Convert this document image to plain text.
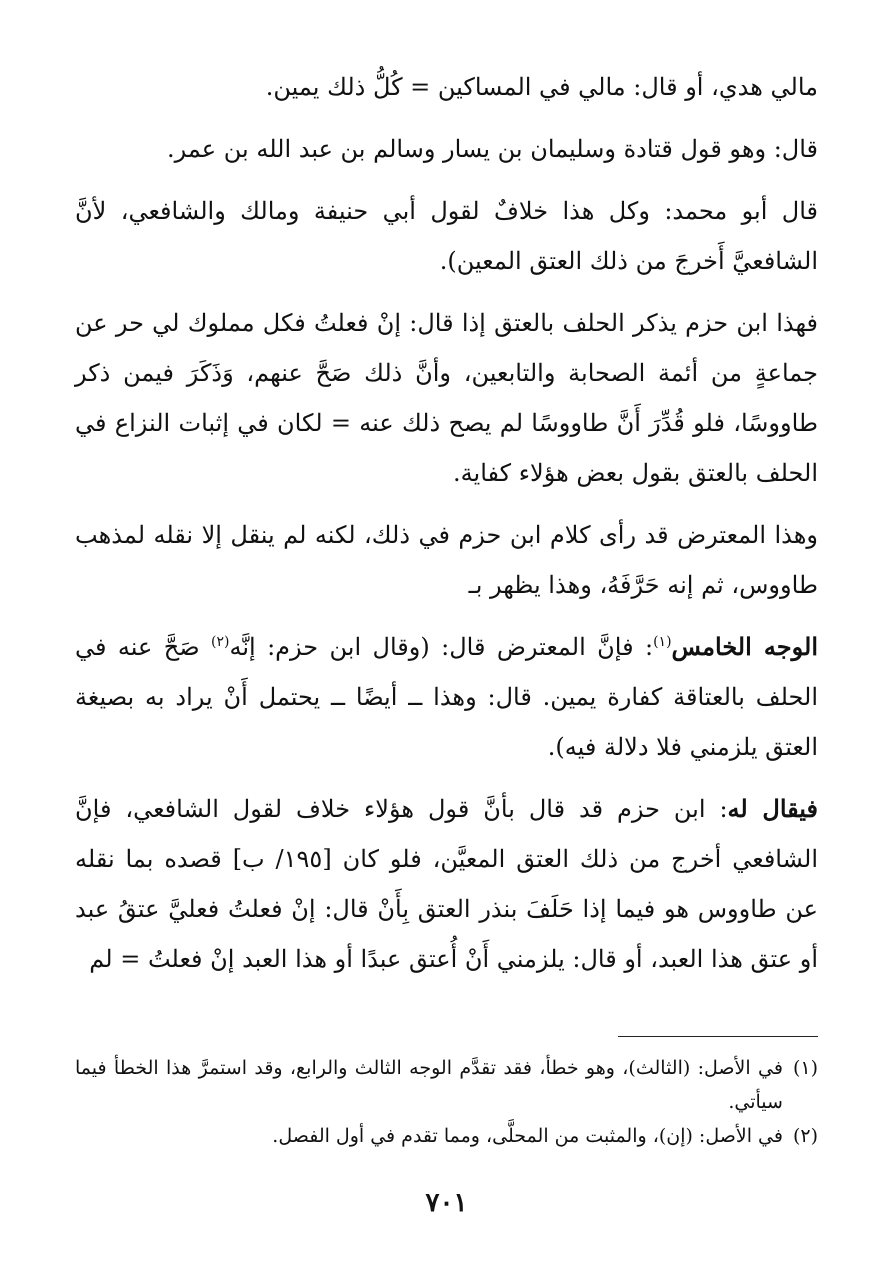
مالي هدي، أو قال: مالي في المساكين = كُلُّ ذلك يمين.

قال: وهو قول قتادة وسليمان بن يسار وسالم بن عبد الله بن عمر.

قال أبو محمد: وكل هذا خلافٌ لقول أبي حنيفة ومالك والشافعي، لأنَّ الشافعيَّ أَخرجَ من ذلك العتق المعين).

فهذا ابن حزم يذكر الحلف بالعتق إذا قال: إنْ فعلتُ فكل مملوك لي حر عن جماعةٍ من أئمة الصحابة والتابعين، وأنَّ ذلك صَحَّ عنهم، وَذَكَرَ فيمن ذكر طاووسًا، فلو قُدِّرَ أَنَّ طاووسًا لم يصح ذلك عنه = لكان في إثبات النزاع في الحلف بالعتق بقول بعض هؤلاء كفاية.

وهذا المعترض قد رأى كلام ابن حزم في ذلك، لكنه لم ينقل إلا نقله لمذهب طاووس، ثم إنه حَرَّفَهُ، وهذا يظهر بـ

الوجه الخامس$^{(١)}$: فإنَّ المعترض قال: (وقال ابن حزم: إنَّه$^{(٢)}$ صَحَّ عنه في الحلف بالعتاقة كفارة يمين. قال: وهذا ــ أيضًا ــ يحتمل أَنْ يراد به بصيغة العتق يلزمني فلا دلالة فيه).

فيقال له: ابن حزم قد قال بأنَّ قول هؤلاء خلاف لقول الشافعي، فإنَّ الشافعي أخرج من ذلك العتق المعيَّن، فلو كان [١٩٥/ ب] قصده بما نقله عن طاووس هو فيما إذا حَلَفَ بنذر العتق بِأَنْ قال: إنْ فعلتُ فعليَّ عتقُ عبد أو عتق هذا العبد، أو قال: يلزمني أَنْ أُعتق عبدًا أو هذا العبد إنْ فعلتُ = لم

(١)
في الأصل: (الثالث)، وهو خطأ، فقد تقدَّم الوجه الثالث والرابع، وقد استمرَّ هذا الخطأ فيما سيأتي.
(٢)
في الأصل: (إن)، والمثبت من المحلَّى، ومما تقدم في أول الفصل.
٧٠١
